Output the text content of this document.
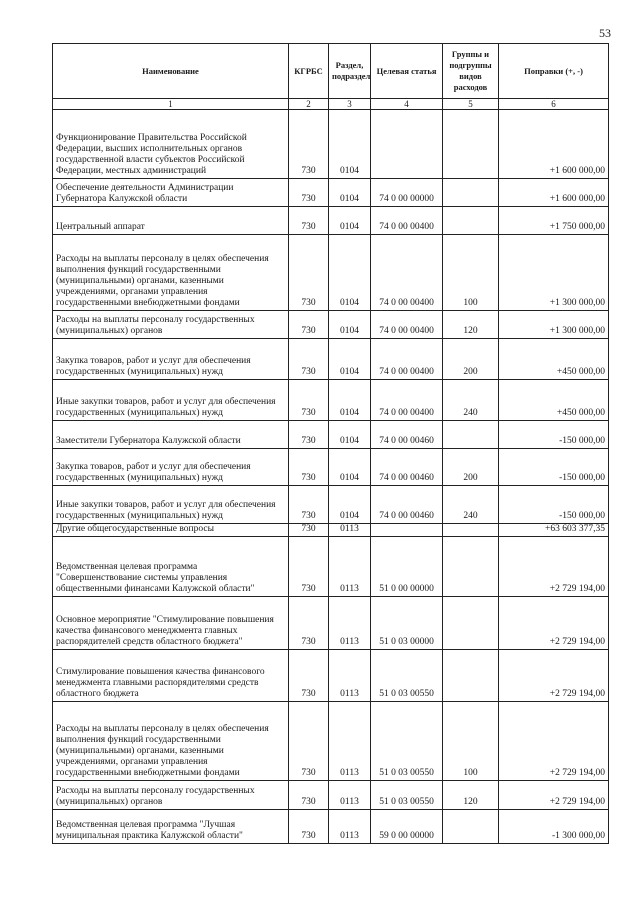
53
Наименование	КГРБС	Раздел, подраздел	Целевая статья	Группы и подгруппы видов расходов	Поправки (+, -)
1	2	3	4	5	6
Функционирование Правительства Российской Федерации, высших исполнительных органов государственной власти субъектов Российской Федерации, местных администраций	730	0104			+1 600 000,00
Обеспечение деятельности Администрации Губернатора Калужской области	730	0104	74 0 00 00000		+1 600 000,00
Центральный аппарат	730	0104	74 0 00 00400		+1 750 000,00
Расходы на выплаты персоналу в целях обеспечения выполнения функций государственными (муниципальными) органами, казенными учреждениями, органами управления государственными внебюджетными фондами	730	0104	74 0 00 00400	100	+1 300 000,00
Расходы на выплаты персоналу государственных (муниципальных) органов	730	0104	74 0 00 00400	120	+1 300 000,00
Закупка товаров, работ и услуг для обеспечения государственных (муниципальных) нужд	730	0104	74 0 00 00400	200	+450 000,00
Иные закупки товаров, работ и услуг для обеспечения государственных (муниципальных) нужд	730	0104	74 0 00 00400	240	+450 000,00
Заместители Губернатора Калужской области	730	0104	74 0 00 00460		-150 000,00
Закупка товаров, работ и услуг для обеспечения государственных (муниципальных) нужд	730	0104	74 0 00 00460	200	-150 000,00
Иные закупки товаров, работ и услуг для обеспечения государственных (муниципальных) нужд	730	0104	74 0 00 00460	240	-150 000,00
Другие общегосударственные вопросы	730	0113			+63 603 377,35
Ведомственная целевая программа "Совершенствование системы управления общественными финансами Калужской области"	730	0113	51 0 00 00000		+2 729 194,00
Основное мероприятие "Стимулирование повышения качества финансового менеджмента главных распорядителей средств областного бюджета"	730	0113	51 0 03 00000		+2 729 194,00
Стимулирование повышения качества финансового менеджмента главными распорядителями средств областного бюджета	730	0113	51 0 03 00550		+2 729 194,00
Расходы на выплаты персоналу в целях обеспечения выполнения функций государственными (муниципальными) органами, казенными учреждениями, органами управления государственными внебюджетными фондами	730	0113	51 0 03 00550	100	+2 729 194,00
Расходы на выплаты персоналу государственных (муниципальных) органов	730	0113	51 0 03 00550	120	+2 729 194,00
Ведомственная целевая программа "Лучшая муниципальная практика Калужской области"	730	0113	59 0 00 00000		-1 300 000,00
